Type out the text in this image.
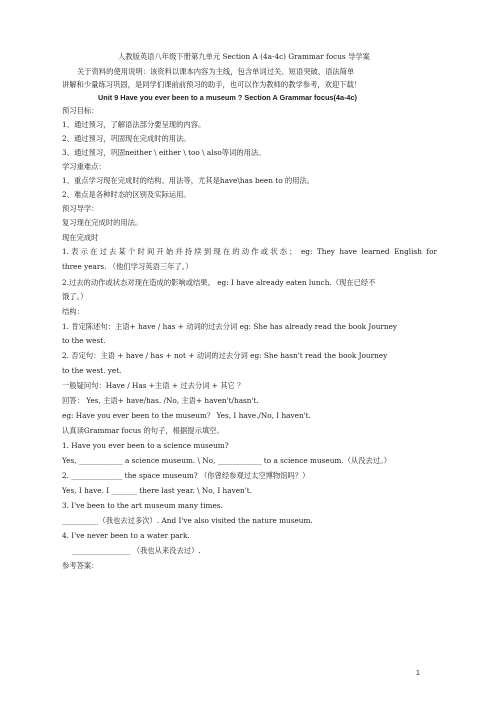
人教版英语八年级下册第九单元 Section A (4a-4c) Grammar focus 导学案
关于资料的使用说明：该资料以课本内容为主线，包含单词过关、短语突破、语法简单
讲解和少量练习巩固，是同学们课前前预习的助手，也可以作为教师的教学参考，欢迎下载！
Unit 9 Have you ever been to a museum ? Section A Grammar focus(4a-4c)
预习目标：
1、通过预习，了解语法部分要呈现的内容。
2、通过预习，巩固现在完成时的用法。
3、通过预习，巩固neither \ either \ too \ also等词的用法。
学习重难点：
1、重点学习现在完成时的结构、用法等，尤其是have\has been to 的用法。
2、难点是各种时态的区别及实际运用。
预习导学：
复习现在完成时的用法。
现在完成时
1.表示在过去某个时间开始并持续到现在的动作或状态； eg: They have learned English for
three years. （他们学习英语三年了。）
2.过去的动作或状态对现在造成的影响或结果。 eg: I have already eaten lunch.（现在已经不
饿了。）
结构：
1. 肯定陈述句：主语+ have / has + 动词的过去分词 eg: She has already read the book Journey
to the west.
2. 否定句：主语 + have / has + not + 动词的过去分词 eg: She hasn't read the book Journey
to the west. yet.
一般疑问句：Have / Has +主语 + 过去分词 + 其它 ？
回答： Yes, 主语+ have/has. /No, 主语+ haven't/hasn't.
eg: Have you ever been to the museum？ Yes, I have./No, I haven't.
认真读Grammar focus 的句子，根据提示填空。
1. Have you ever been to a science museum?
Yes, ____________ a science museum. \ No, ____________ to a science museum.（从没去过。）
2. ______________ the space museum? （你曾经参观过太空博物馆吗？）
Yes, I have. I _______ there last year. \ No, I haven't.
3. I've been to the art museum many times.
__________（我也去过多次）. And I've also visited the nature museum.
4. I've never been to a water park.
________________ （我也从来没去过）.
参考答案：
1
